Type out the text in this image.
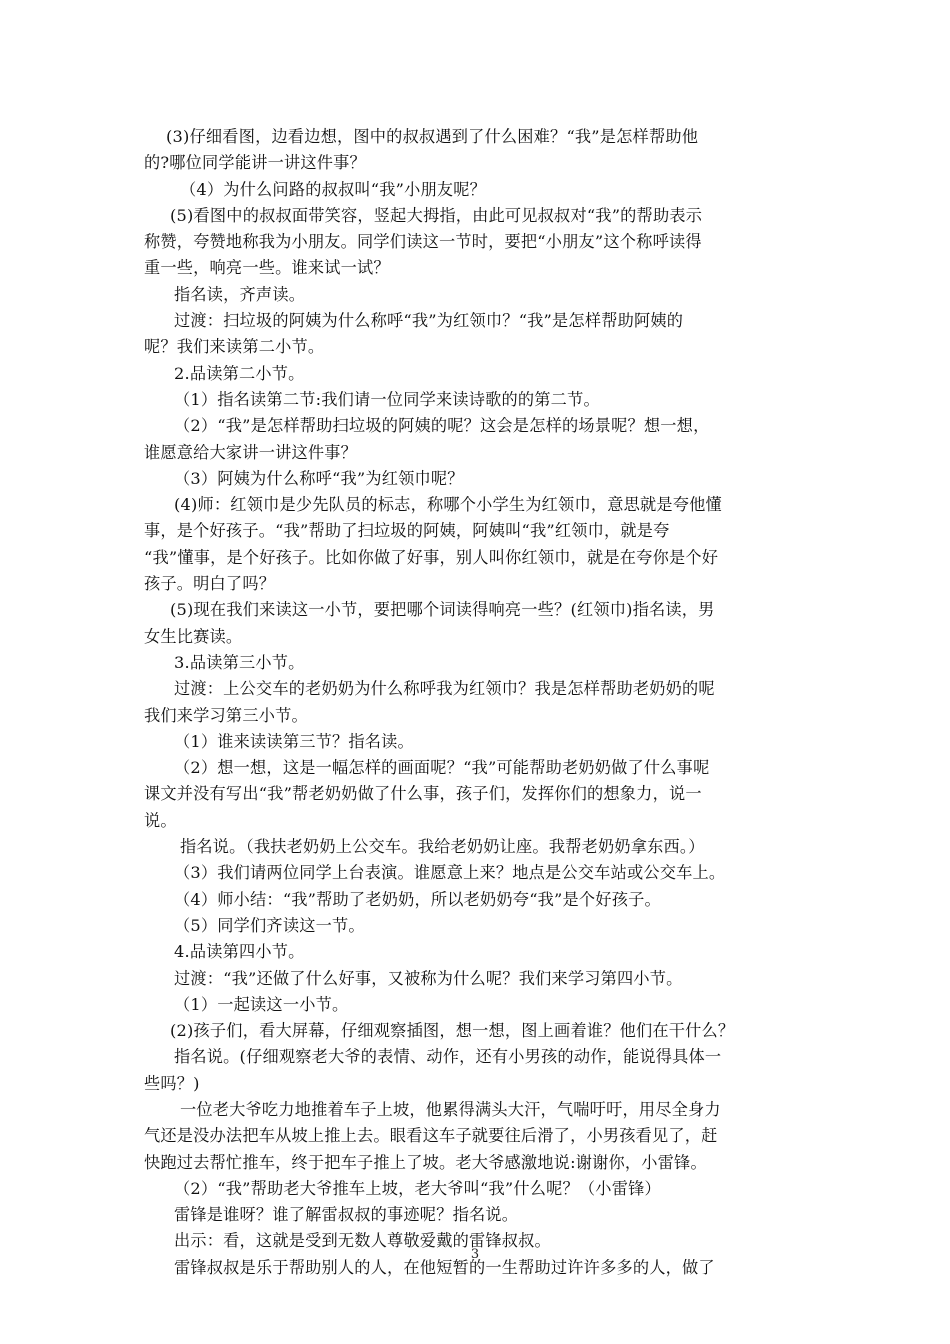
(3)仔细看图，边看边想，图中的叔叔遇到了什么困难？“我”是怎样帮助他
的?哪位同学能讲一讲这件事？
（4）为什么问路的叔叔叫“我”小朋友呢？
(5)看图中的叔叔面带笑容，竖起大拇指，由此可见叔叔对“我”的帮助表示
称赞，夸赞地称我为小朋友。同学们读这一节时，要把“小朋友”这个称呼读得
重一些，响亮一些。谁来试一试？
指名读，齐声读。
过渡：扫垃圾的阿姨为什么称呼“我”为红领巾？“我”是怎样帮助阿姨的
呢？我们来读第二小节。
2.品读第二小节。
（1）指名读第二节:我们请一位同学来读诗歌的的第二节。
（2）“我”是怎样帮助扫垃圾的阿姨的呢？这会是怎样的场景呢？想一想，
谁愿意给大家讲一讲这件事？
（3）阿姨为什么称呼“我”为红领巾呢？
(4)师：红领巾是少先队员的标志，称哪个小学生为红领巾，意思就是夸他懂
事，是个好孩子。“我”帮助了扫垃圾的阿姨，阿姨叫“我”红领巾，就是夸
“我”懂事，是个好孩子。比如你做了好事，别人叫你红领巾，就是在夸你是个好
孩子。明白了吗？
(5)现在我们来读这一小节，要把哪个词读得响亮一些？(红领巾)指名读，男
女生比赛读。
3.品读第三小节。
过渡：上公交车的老奶奶为什么称呼我为红领巾？我是怎样帮助老奶奶的呢
我们来学习第三小节。
（1）谁来读读第三节？指名读。
（2）想一想，这是一幅怎样的画面呢？“我”可能帮助老奶奶做了什么事呢
课文并没有写出“我”帮老奶奶做了什么事，孩子们，发挥你们的想象力，说一
说。
指名说。（我扶老奶奶上公交车。我给老奶奶让座。我帮老奶奶拿东西。）
（3）我们请两位同学上台表演。谁愿意上来？地点是公交车站或公交车上。
（4）师小结：“我”帮助了老奶奶，所以老奶奶夸“我”是个好孩子。
（5）同学们齐读这一节。
4.品读第四小节。
过渡：“我”还做了什么好事，又被称为什么呢？我们来学习第四小节。
（1）一起读这一小节。
(2)孩子们，看大屏幕，仔细观察插图，想一想，图上画着谁？他们在干什么？
指名说。(仔细观察老大爷的表情、动作，还有小男孩的动作，能说得具体一
些吗？)
一位老大爷吃力地推着车子上坡，他累得满头大汗，气喘吁吁，用尽全身力
气还是没办法把车从坡上推上去。眼看这车子就要往后滑了，小男孩看见了，赶
快跑过去帮忙推车，终于把车子推上了坡。老大爷感激地说:谢谢你，小雷锋。
（2）“我”帮助老大爷推车上坡，老大爷叫“我”什么呢？（小雷锋）
雷锋是谁呀？谁了解雷叔叔的事迹呢？指名说。
出示：看，这就是受到无数人尊敬爱戴的雷锋叔叔。
雷锋叔叔是乐于帮助别人的人，在他短暂的一生帮助过许许多多的人，做了
3
